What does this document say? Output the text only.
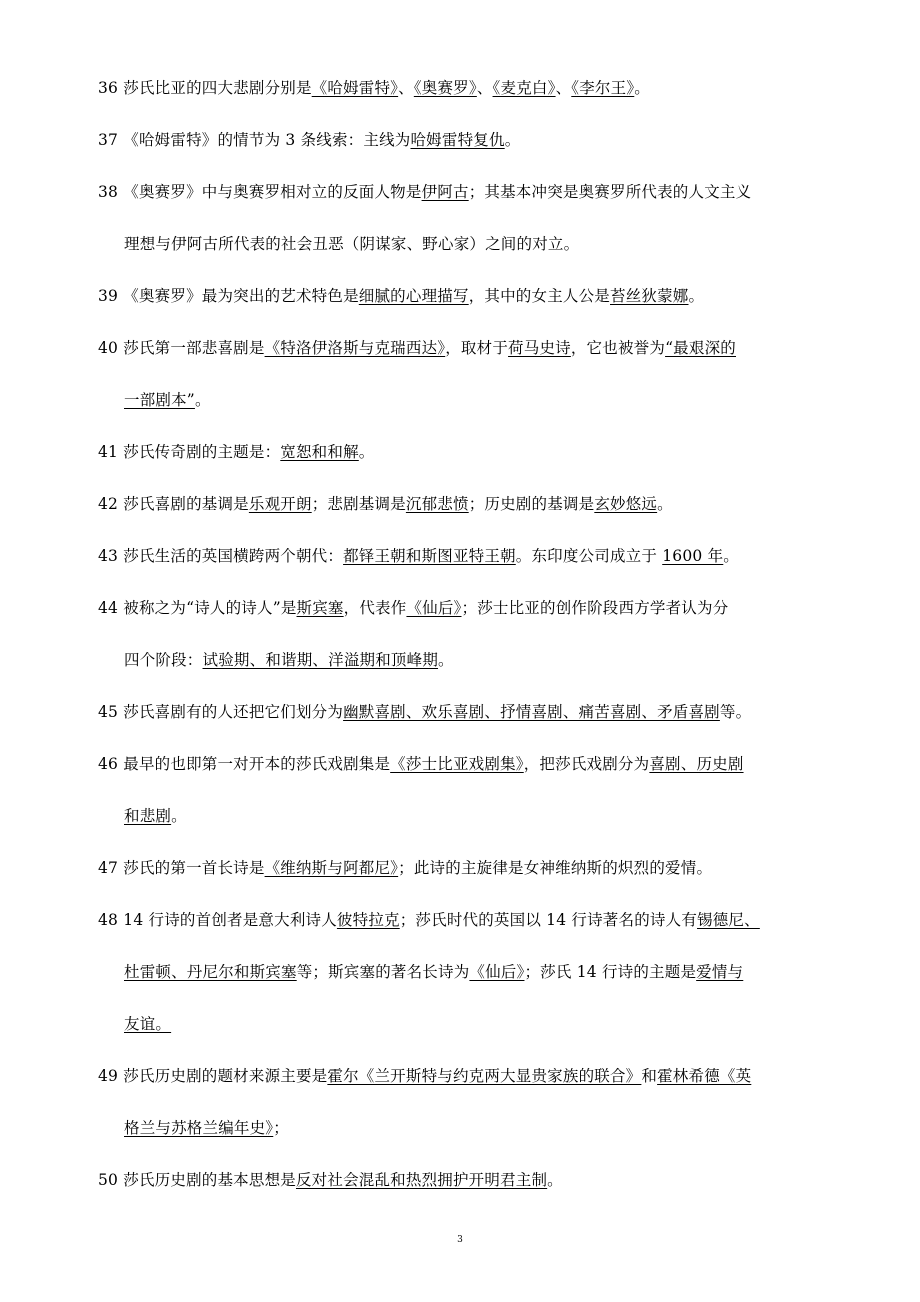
36 莎氏比亚的四大悲剧分别是《哈姆雷特》、《奥赛罗》、《麦克白》、《李尔王》。
37 《哈姆雷特》的情节为 3 条线索：主线为哈姆雷特复仇。
38 《奥赛罗》中与奥赛罗相对立的反面人物是伊阿古；其基本冲突是奥赛罗所代表的人文主义
理想与伊阿古所代表的社会丑恶（阴谋家、野心家）之间的对立。
39 《奥赛罗》最为突出的艺术特色是细腻的心理描写，其中的女主人公是苔丝狄蒙娜。
40 莎氏第一部悲喜剧是《特洛伊洛斯与克瑞西达》，取材于荷马史诗，它也被誉为“最艰深的
一部剧本”。
41 莎氏传奇剧的主题是：宽恕和和解。
42 莎氏喜剧的基调是乐观开朗；悲剧基调是沉郁悲愤；历史剧的基调是玄妙悠远。
43 莎氏生活的英国横跨两个朝代：都铎王朝和斯图亚特王朝。东印度公司成立于 1600 年。
44 被称之为“诗人的诗人”是斯宾塞，代表作《仙后》；莎士比亚的创作阶段西方学者认为分
四个阶段：试验期、和谐期、洋溢期和顶峰期。
45 莎氏喜剧有的人还把它们划分为幽默喜剧、欢乐喜剧、抒情喜剧、痛苦喜剧、矛盾喜剧等。
46 最早的也即第一对开本的莎氏戏剧集是《莎士比亚戏剧集》，把莎氏戏剧分为喜剧、历史剧
和悲剧。
47 莎氏的第一首长诗是《维纳斯与阿都尼》；此诗的主旋律是女神维纳斯的炽烈的爱情。
48 14 行诗的首创者是意大利诗人彼特拉克；莎氏时代的英国以 14 行诗著名的诗人有锡德尼、
杜雷顿、丹尼尔和斯宾塞等；斯宾塞的著名长诗为《仙后》；莎氏 14 行诗的主题是爱情与
友谊。
49 莎氏历史剧的题材来源主要是霍尔《兰开斯特与约克两大显贵家族的联合》和霍林希德《英
格兰与苏格兰编年史》；
50 莎氏历史剧的基本思想是反对社会混乱和热烈拥护开明君主制。
3
